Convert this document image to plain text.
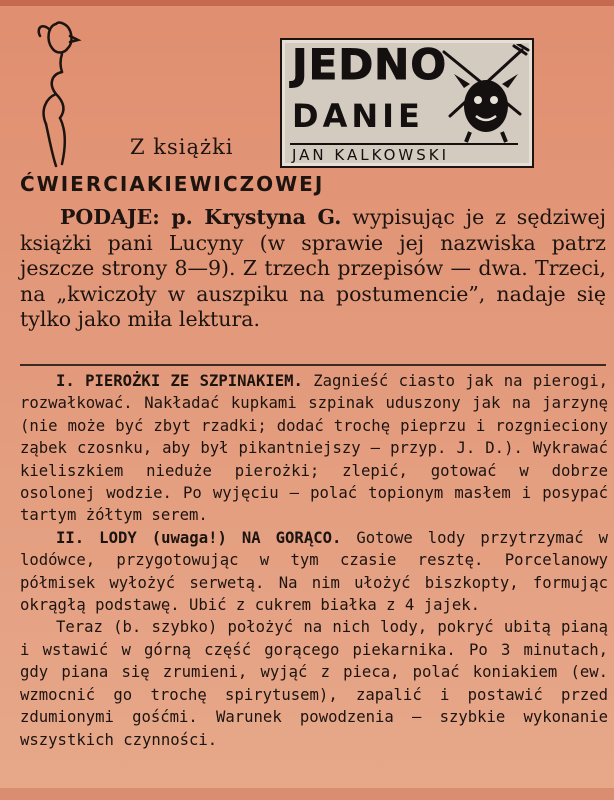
JEDNO
DANIE
JAN KALKOWSKI
Z książki
ĆWIERCIAKIEWICZOWEJ

PODAJE: p. Krystyna G. wypisując je z sędziwej książki pani Lucyny (w sprawie jej nazwiska patrz jeszcze strony 8—9). Z trzech przepisów — dwa. Trzeci, na „kwiczoły w auszpiku na postumencie”, nadaje się tylko jako miła lektura.

I. PIEROŻKI ZE SZPINAKIEM. Zagnieść ciasto jak na pierogi, rozwałkować. Nakładać kupkami szpinak uduszony jak na jarzynę (nie może być zbyt rzadki; dodać trochę pieprzu i rozgnieciony ząbek czosnku, aby był pikantniejszy — przyp. J. D.). Wykrawać kieliszkiem nieduże pierożki; zlepić, gotować w dobrze osolonej wodzie. Po wyjęciu — polać topionym masłem i posypać tartym żółtym serem.

II. LODY (uwaga!) NA GORĄCO. Gotowe lody przytrzymać w lodówce, przygotowując w tym czasie resztę. Porcelanowy półmisek wyłożyć serwetą. Na nim ułożyć biszkopty, formując okrągłą podstawę. Ubić z cukrem białka z 4 jajek.

Teraz (b. szybko) położyć na nich lody, pokryć ubitą pianą i wstawić w górną część gorącego piekarnika. Po 3 minutach, gdy piana się zrumieni, wyjąć z pieca, polać koniakiem (ew. wzmocnić go trochę spirytusem), zapalić i postawić przed zdumionymi gośćmi. Warunek powodzenia — szybkie wykonanie wszystkich czynności.
